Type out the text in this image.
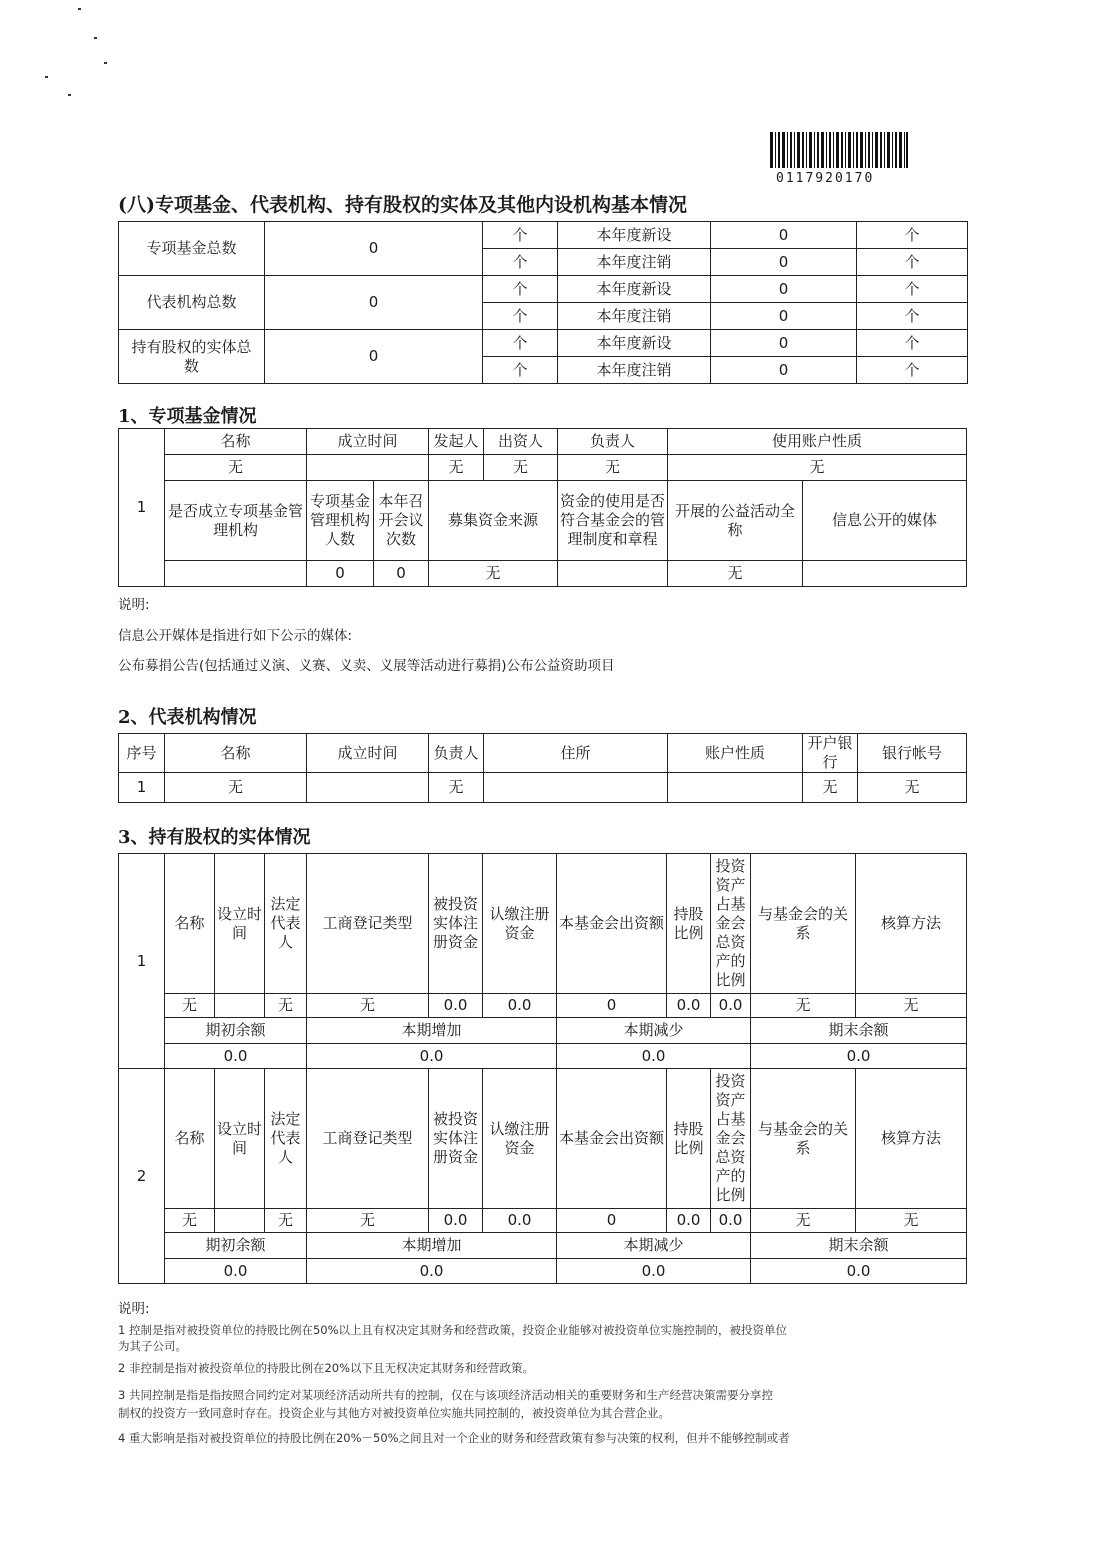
0117920170
(八)专项基金、代表机构、持有股权的实体及其他内设机构基本情况
专项基金总数	0	个	本年度新设	0	个
		个	本年度注销	0	个
代表机构总数	0	个	本年度新设	0	个
		个	本年度注销	0	个
持有股权的实体总数	0	个	本年度新设	0	个
		个	本年度注销	0	个
1、专项基金情况
1	名称	成立时间		发起人	出资人	负责人	使用账户性质	
	无			无	无	无	无	
	是否成立专项基金管理机构	专项基金管理机构人数	本年召开会议次数	募集资金来源		资金的使用是否符合基金会的管理制度和章程	开展的公益活动全称	信息公开的媒体
		0	0	无			无	
说明:
信息公开媒体是指进行如下公示的媒体:
公布募捐公告(包括通过义演、义赛、义卖、义展等活动进行募捐)公布公益资助项目
2、代表机构情况
序号	名称	成立时间	负责人	住所	账户性质	开户银行	银行帐号
1	无		无			无	无
3、持有股权的实体情况
1	名称	设立时间	法定代表人	工商登记类型	被投资实体注册资金	认缴注册资金	本基金会出资额	持股比例	投资资产占基金会总资产的比例	与基金会的关系	核算方法
	无		无	无	0.0	0.0	0	0.0	0.0	无	无
	期初余额			本期增加			本期减少			期末余额	
	0.0			0.0			0.0			0.0	
2	名称	设立时间	法定代表人	工商登记类型	被投资实体注册资金	认缴注册资金	本基金会出资额	持股比例	投资资产占基金会总资产的比例	与基金会的关系	核算方法
	无		无	无	0.0	0.0	0	0.0	0.0	无	无
	期初余额			本期增加			本期减少			期末余额	
	0.0			0.0			0.0			0.0	
说明:
1 控制是指对被投资单位的持股比例在50%以上且有权决定其财务和经营政策，投资企业能够对被投资单位实施控制的，被投资单位
为其子公司。
2 非控制是指对被投资单位的持股比例在20%以下且无权决定其财务和经营政策。
3 共同控制是指是指按照合同约定对某项经济活动所共有的控制，仅在与该项经济活动相关的重要财务和生产经营决策需要分享控
制权的投资方一致同意时存在。投资企业与其他方对被投资单位实施共同控制的，被投资单位为其合营企业。
4 重大影响是指对被投资单位的持股比例在20%－50%之间且对一个企业的财务和经营政策有参与决策的权利，但并不能够控制或者
